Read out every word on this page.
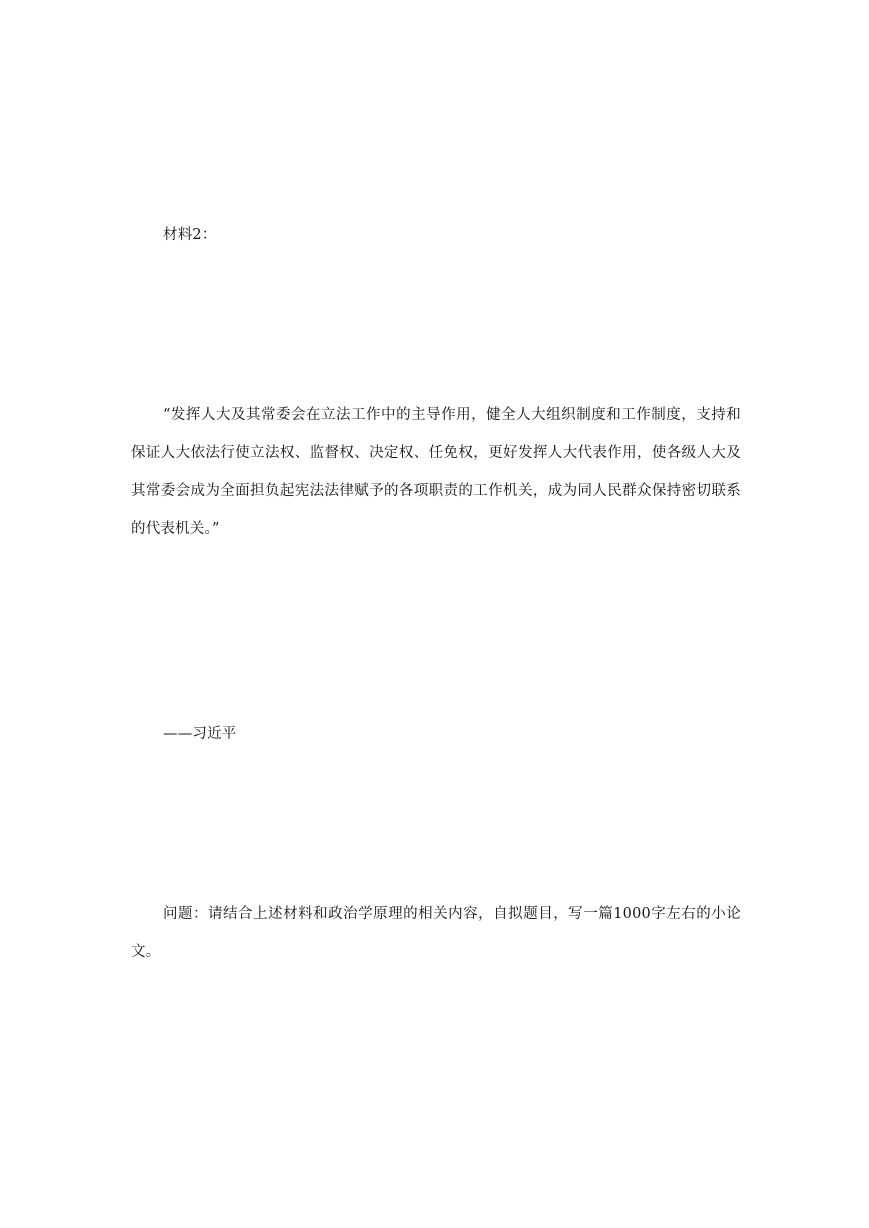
材料2：

“发挥人大及其常委会在立法工作中的主导作用，健全人大组织制度和工作制度，支持和保证人大依法行使立法权、监督权、决定权、任免权，更好发挥人大代表作用，使各级人大及其常委会成为全面担负起宪法法律赋予的各项职责的工作机关，成为同人民群众保持密切联系的代表机关。”

——习近平

问题：请结合上述材料和政治学原理的相关内容，自拟题目，写一篇1000字左右的小论文。
